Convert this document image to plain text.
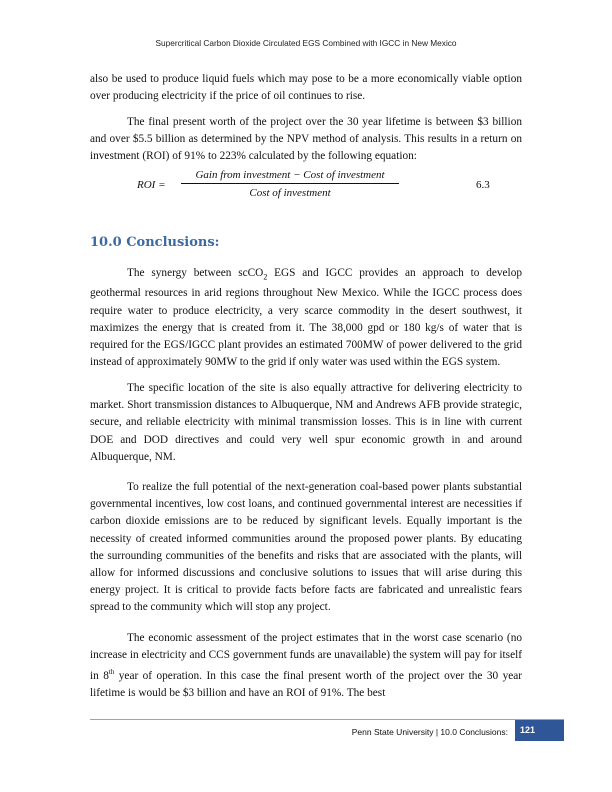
Supercritical Carbon Dioxide Circulated EGS Combined with IGCC in New Mexico

also be used to produce liquid fuels which may pose to be a more economically viable option over producing electricity if the price of oil continues to rise.

The final present worth of the project over the 30 year lifetime is between $3 billion and over $5.5 billion as determined by the NPV method of analysis. This results in a return on investment (ROI) of 91% to 223% calculated by the following equation:

ROI =
Gain from investment − Cost of investment
Cost of investment
6.3
10.0 Conclusions:

The synergy between scCO$_2$ EGS and IGCC provides an approach to develop geothermal resources in arid regions throughout New Mexico. While the IGCC process does require water to produce electricity, a very scarce commodity in the desert southwest, it maximizes the energy that is created from it. The 38,000 gpd or 180 kg/s of water that is required for the EGS/IGCC plant provides an estimated 700MW of power delivered to the grid instead of approximately 90MW to the grid if only water was used within the EGS system.

The specific location of the site is also equally attractive for delivering electricity to market. Short transmission distances to Albuquerque, NM and Andrews AFB provide strategic, secure, and reliable electricity with minimal transmission losses. This is in line with current DOE and DOD directives and could very well spur economic growth in and around Albuquerque, NM.

To realize the full potential of the next-generation coal-based power plants substantial governmental incentives, low cost loans, and continued governmental interest are necessities if carbon dioxide emissions are to be reduced by significant levels. Equally important is the necessity of created informed communities around the proposed power plants. By educating the surrounding communities of the benefits and risks that are associated with the plants, will allow for informed discussions and conclusive solutions to issues that will arise during this energy project. It is critical to provide facts before facts are fabricated and unrealistic fears spread to the community which will stop any project.

The economic assessment of the project estimates that in the worst case scenario (no increase in electricity and CCS government funds are unavailable) the system will pay for itself in 8th year of operation. In this case the final present worth of the project over the 30 year lifetime is would be $3 billion and have an ROI of 91%. The best

Penn State University | 10.0 Conclusions:	121
